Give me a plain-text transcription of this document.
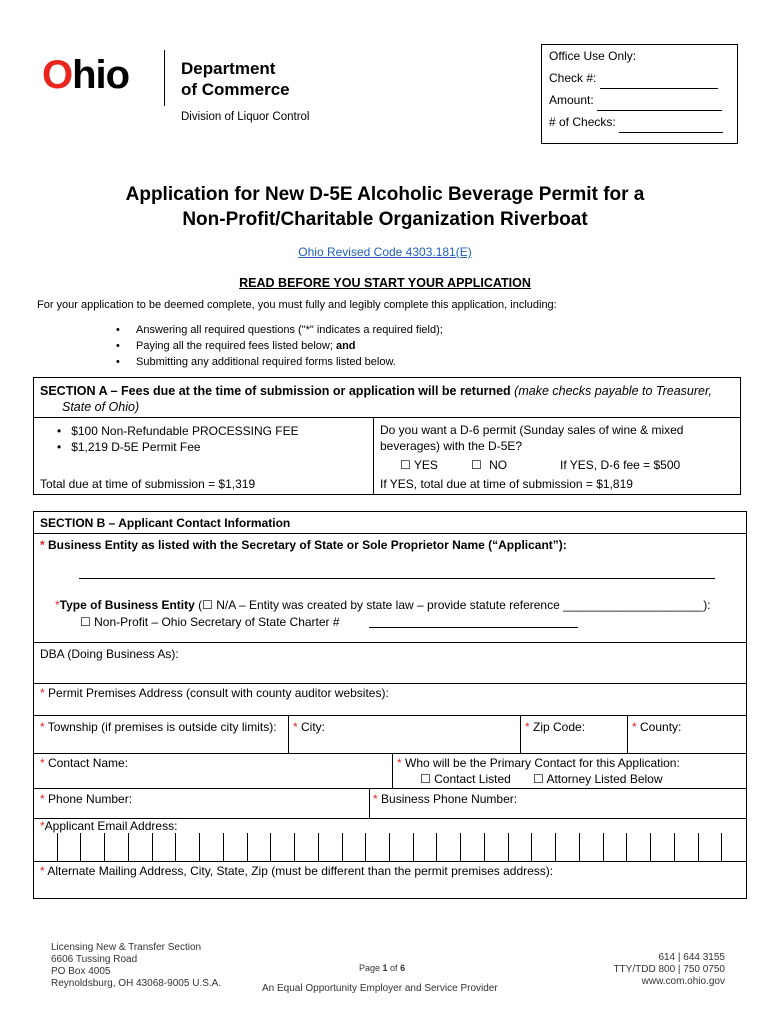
Ohio	Department
of Commerce
Division of Liquor Control
Office Use Only:
Check #:
Amount:
# of Checks:
Application for New D-5E Alcoholic Beverage Permit for a
Non-Profit/Charitable Organization Riverboat
Ohio Revised Code 4303.181(E)
READ BEFORE YOU START YOUR APPLICATION
For your application to be deemed complete, you must fully and legibly complete this application, including:
• Answering all required questions ("*" indicates a required field);
• Paying all the required fees listed below; and
• Submitting any additional required forms listed below.
SECTION A – Fees due at the time of submission or application will be returned (make checks payable to Treasurer,
State of Ohio)
• $100 Non-Refundable PROCESSING FEE
• $1,219 D-5E Permit Fee
Total due at time of submission = $1,319
Do you want a D-6 permit (Sunday sales of wine & mixed
beverages) with the D-5E?
☐ YES	☐ NO	If YES, D-6 fee = $500
If YES, total due at time of submission = $1,819
SECTION B – Applicant Contact Information
* Business Entity as listed with the Secretary of State or Sole Proprietor Name (“Applicant”):
*Type of Business Entity (☐ N/A – Entity was created by state law – provide statute reference _____________________):
☐ Non-Profit – Ohio Secretary of State Charter #
DBA (Doing Business As):
* Permit Premises Address (consult with county auditor websites):
* Township (if premises is outside city limits): * City:	* Zip Code:	* County:
* Contact Name:	* Who will be the Primary Contact for this Application:
☐ Contact Listed ☐ Attorney Listed Below
* Phone Number:	* Business Phone Number:
*Applicant Email Address:
* Alternate Mailing Address, City, State, Zip (must be different than the permit premises address):
Licensing New & Transfer Section
6606 Tussing Road
PO Box 4005
Reynoldsburg, OH 43068-9005 U.S.A.
Page 1 of 6
An Equal Opportunity Employer and Service Provider
614 | 644 3155
TTY/TDD 800 | 750 0750
www.com.ohio.gov
